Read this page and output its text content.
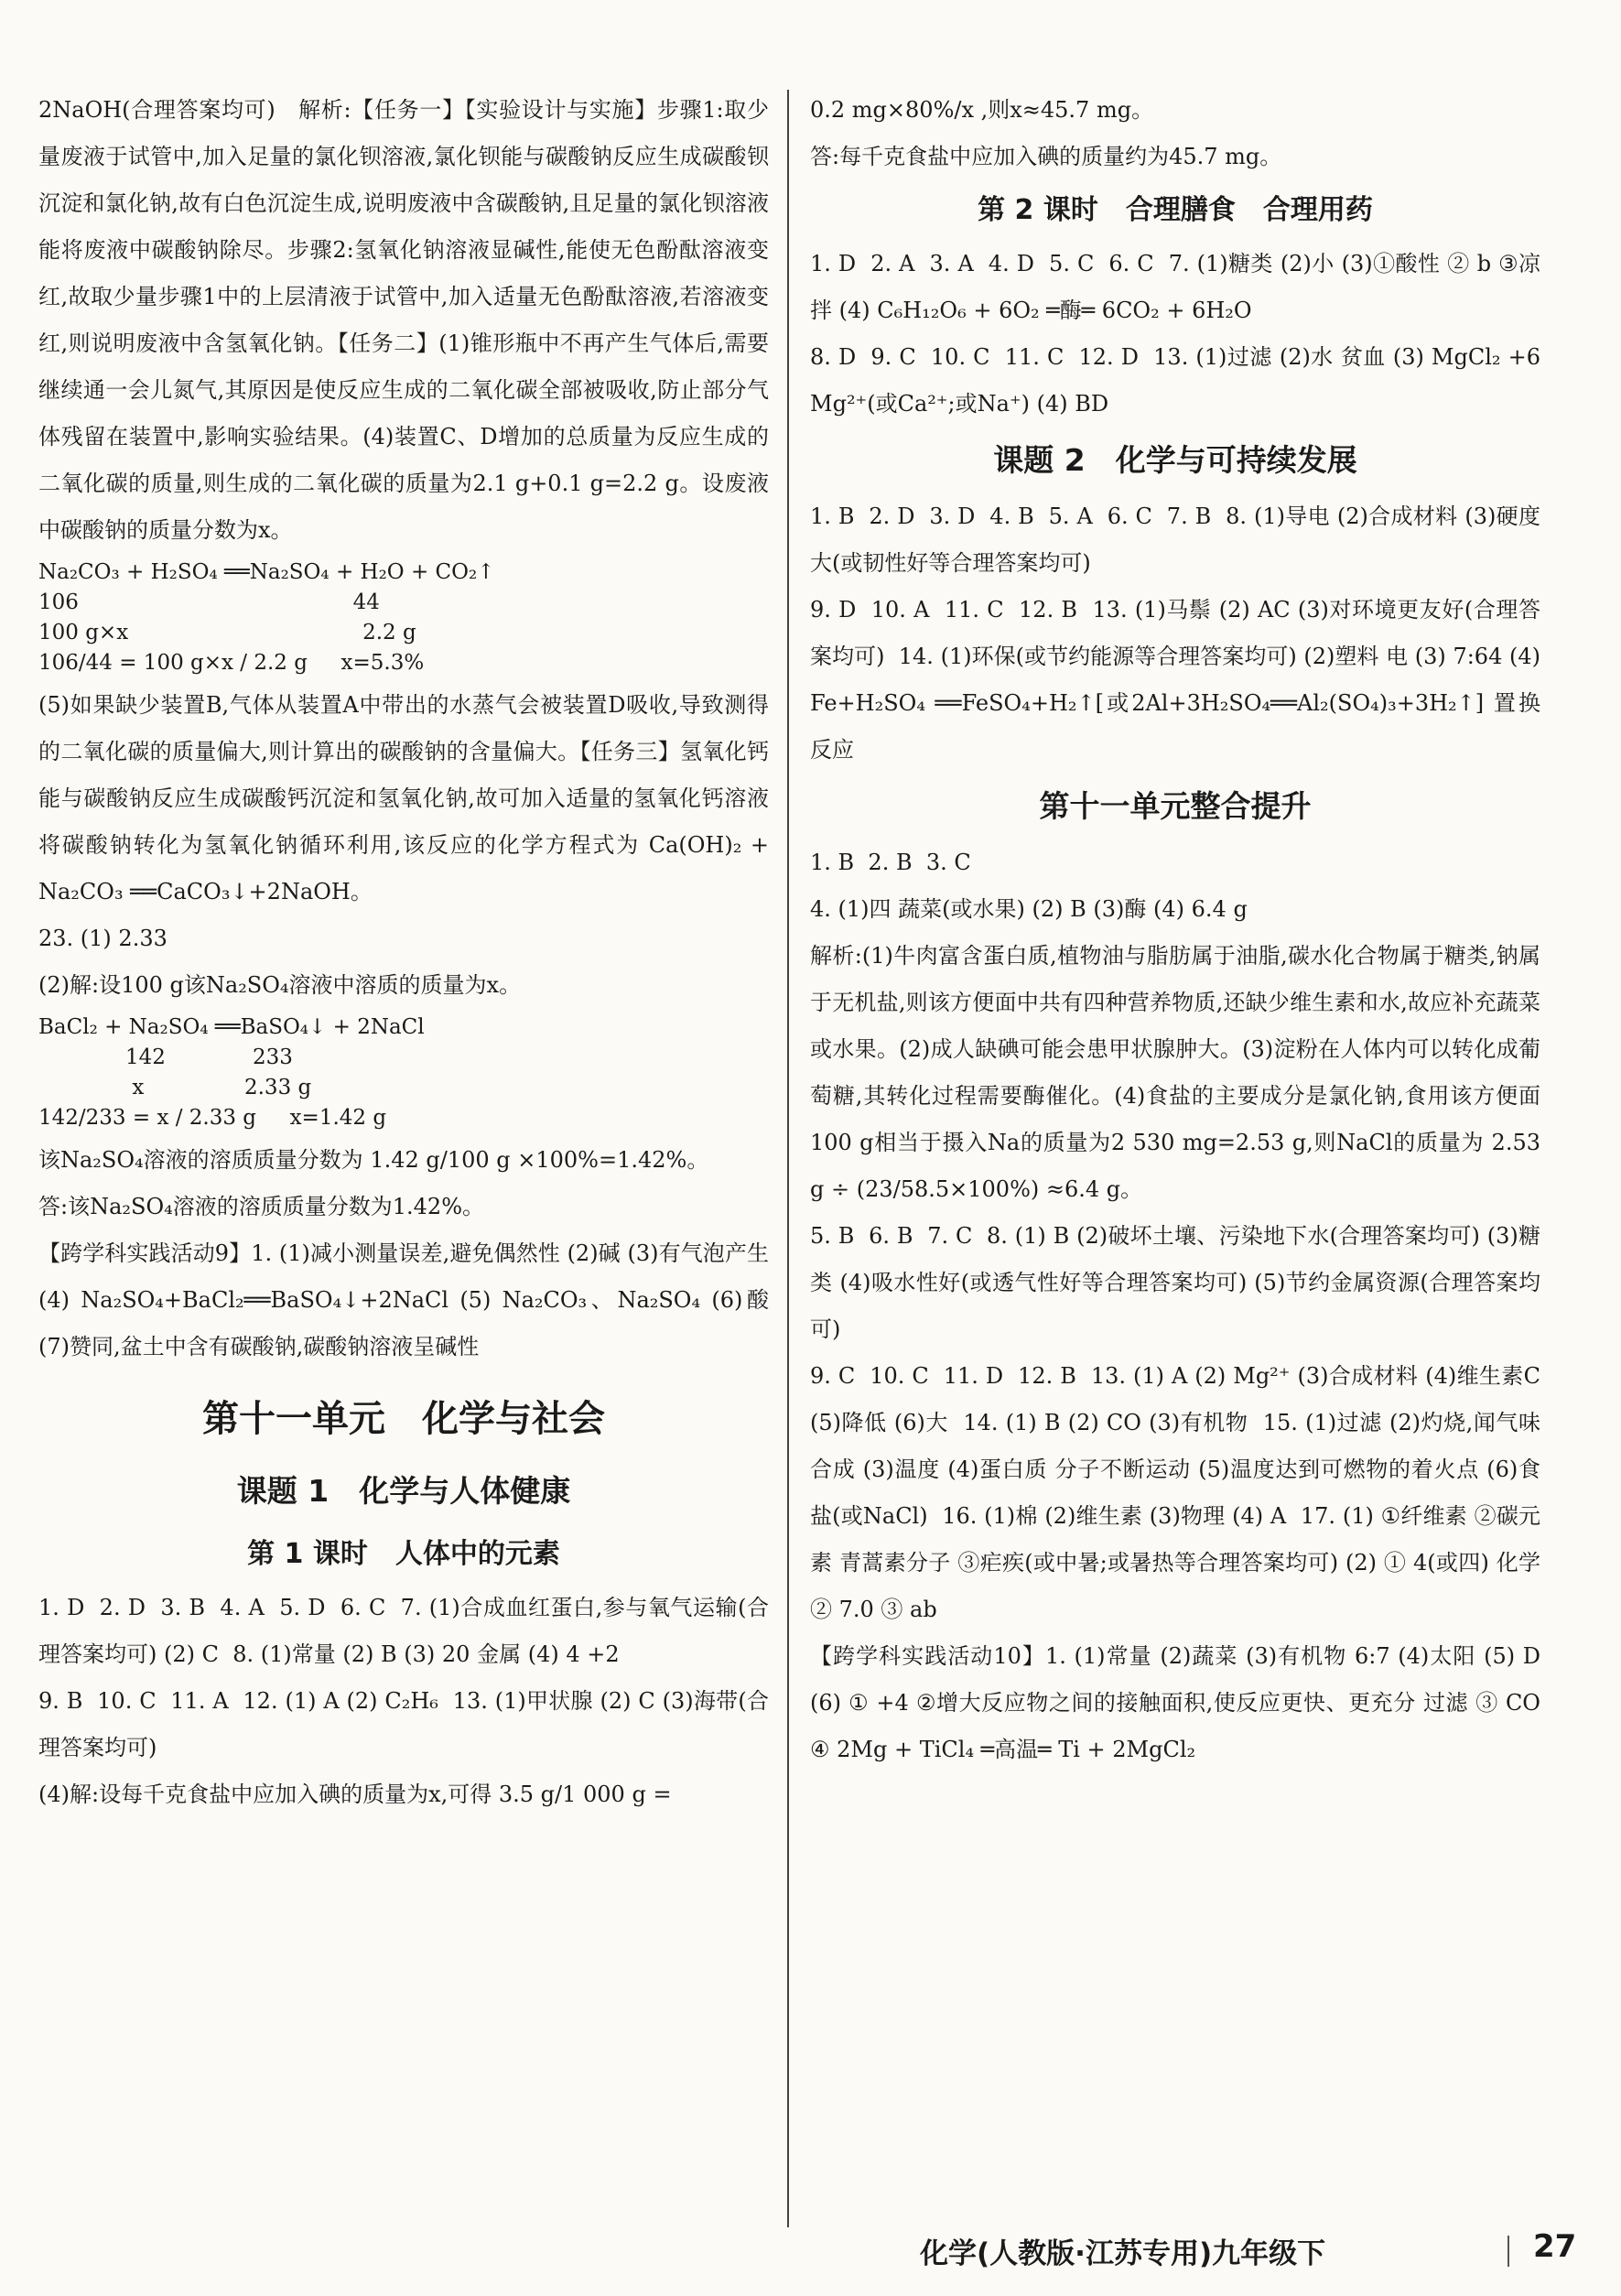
2NaOH(合理答案均可)　解析:【任务一】【实验设计与实施】步骤1:取少量废液于试管中,加入足量的氯化钡溶液,氯化钡能与碳酸钠反应生成碳酸钡沉淀和氯化钠,故有白色沉淀生成,说明废液中含碳酸钠,且足量的氯化钡溶液能将废液中碳酸钠除尽。步骤2:氢氧化钠溶液显碱性,能使无色酚酞溶液变红,故取少量步骤1中的上层清液于试管中,加入适量无色酚酞溶液,若溶液变红,则说明废液中含氢氧化钠。【任务二】(1)锥形瓶中不再产生气体后,需要继续通一会儿氮气,其原因是使反应生成的二氧化碳全部被吸收,防止部分气体残留在装置中,影响实验结果。(4)装置C、D增加的总质量为反应生成的二氧化碳的质量,则生成的二氧化碳的质量为2.1 g+0.1 g=2.2 g。设废液中碳酸钠的质量分数为x。

Na₂CO₃ + H₂SO₄ ══Na₂SO₄ + H₂O + CO₂↑
106                                         44
100 g×x                                   2.2 g
106/44 = 100 g×x / 2.2 g     x=5.3%

(5)如果缺少装置B,气体从装置A中带出的水蒸气会被装置D吸收,导致测得的二氧化碳的质量偏大,则计算出的碳酸钠的含量偏大。【任务三】氢氧化钙能与碳酸钠反应生成碳酸钙沉淀和氢氧化钠,故可加入适量的氢氧化钙溶液将碳酸钠转化为氢氧化钠循环利用,该反应的化学方程式为 Ca(OH)₂ + Na₂CO₃ ══CaCO₃↓+2NaOH。

23. (1) 2.33
(2)解:设100 g该Na₂SO₄溶液中溶质的质量为x。

BaCl₂ + Na₂SO₄ ══BaSO₄↓ + 2NaCl
142             233
x               2.33 g
142/233 = x / 2.33 g     x=1.42 g

该Na₂SO₄溶液的溶质质量分数为 1.42 g/100 g ×100%=1.42%。
答:该Na₂SO₄溶液的溶质质量分数为1.42%。
【跨学科实践活动9】1. (1)减小测量误差,避免偶然性 (2)碱 (3)有气泡产生 (4) Na₂SO₄+BaCl₂══BaSO₄↓+2NaCl (5) Na₂CO₃、Na₂SO₄ (6)酸 (7)赞同,盆土中含有碳酸钠,碳酸钠溶液呈碱性

第十一单元　化学与社会
课题 1　化学与人体健康
第 1 课时　人体中的元素

1. D  2. D  3. B  4. A  5. D  6. C  7. (1)合成血红蛋白,参与氧气运输(合理答案均可) (2) C  8. (1)常量 (2) B (3) 20 金属 (4) 4 +2
9. B  10. C  11. A  12. (1) A (2) C₂H₆  13. (1)甲状腺 (2) C (3)海带(合理答案均可)
(4)解:设每千克食盐中应加入碘的质量为x,可得 3.5 g/1 000 g =

0.2 mg×80%/x ,则x≈45.7 mg。
答:每千克食盐中应加入碘的质量约为45.7 mg。

第 2 课时　合理膳食　合理用药

1. D  2. A  3. A  4. D  5. C  6. C  7. (1)糖类 (2)小 (3)①酸性 ② b ③凉拌 (4) C₆H₁₂O₆ + 6O₂ ═酶═ 6CO₂ + 6H₂O
8. D  9. C  10. C  11. C  12. D  13. (1)过滤 (2)水 贫血 (3) MgCl₂ +6 Mg²⁺(或Ca²⁺;或Na⁺) (4) BD

课题 2　化学与可持续发展

1. B  2. D  3. D  4. B  5. A  6. C  7. B  8. (1)导电 (2)合成材料 (3)硬度大(或韧性好等合理答案均可)
9. D  10. A  11. C  12. B  13. (1)马鬃 (2) AC (3)对环境更友好(合理答案均可)  14. (1)环保(或节约能源等合理答案均可) (2)塑料 电 (3) 7:64 (4) Fe+H₂SO₄ ══FeSO₄+H₂↑[或2Al+3H₂SO₄══Al₂(SO₄)₃+3H₂↑] 置换反应

第十一单元整合提升

1. B  2. B  3. C
4. (1)四 蔬菜(或水果) (2) B (3)酶 (4) 6.4 g
解析:(1)牛肉富含蛋白质,植物油与脂肪属于油脂,碳水化合物属于糖类,钠属于无机盐,则该方便面中共有四种营养物质,还缺少维生素和水,故应补充蔬菜或水果。(2)成人缺碘可能会患甲状腺肿大。(3)淀粉在人体内可以转化成葡萄糖,其转化过程需要酶催化。(4)食盐的主要成分是氯化钠,食用该方便面100 g相当于摄入Na的质量为2 530 mg=2.53 g,则NaCl的质量为 2.53 g ÷ (23/58.5×100%) ≈6.4 g。
5. B  6. B  7. C  8. (1) B (2)破坏土壤、污染地下水(合理答案均可) (3)糖类 (4)吸水性好(或透气性好等合理答案均可) (5)节约金属资源(合理答案均可)
9. C  10. C  11. D  12. B  13. (1) A (2) Mg²⁺ (3)合成材料 (4)维生素C (5)降低 (6)大  14. (1) B (2) CO (3)有机物  15. (1)过滤 (2)灼烧,闻气味 合成 (3)温度 (4)蛋白质 分子不断运动 (5)温度达到可燃物的着火点 (6)食盐(或NaCl)  16. (1)棉 (2)维生素 (3)物理 (4) A  17. (1) ①纤维素 ②碳元素 青蒿素分子 ③疟疾(或中暑;或暑热等合理答案均可) (2) ① 4(或四) 化学 ② 7.0 ③ ab
【跨学科实践活动10】1. (1)常量 (2)蔬菜 (3)有机物 6:7 (4)太阳 (5) D (6) ① +4 ②增大反应物之间的接触面积,使反应更快、更充分 过滤 ③ CO ④ 2Mg + TiCl₄ ═高温═ Ti + 2MgCl₂

化学(人教版·江苏专用)九年级下	27
